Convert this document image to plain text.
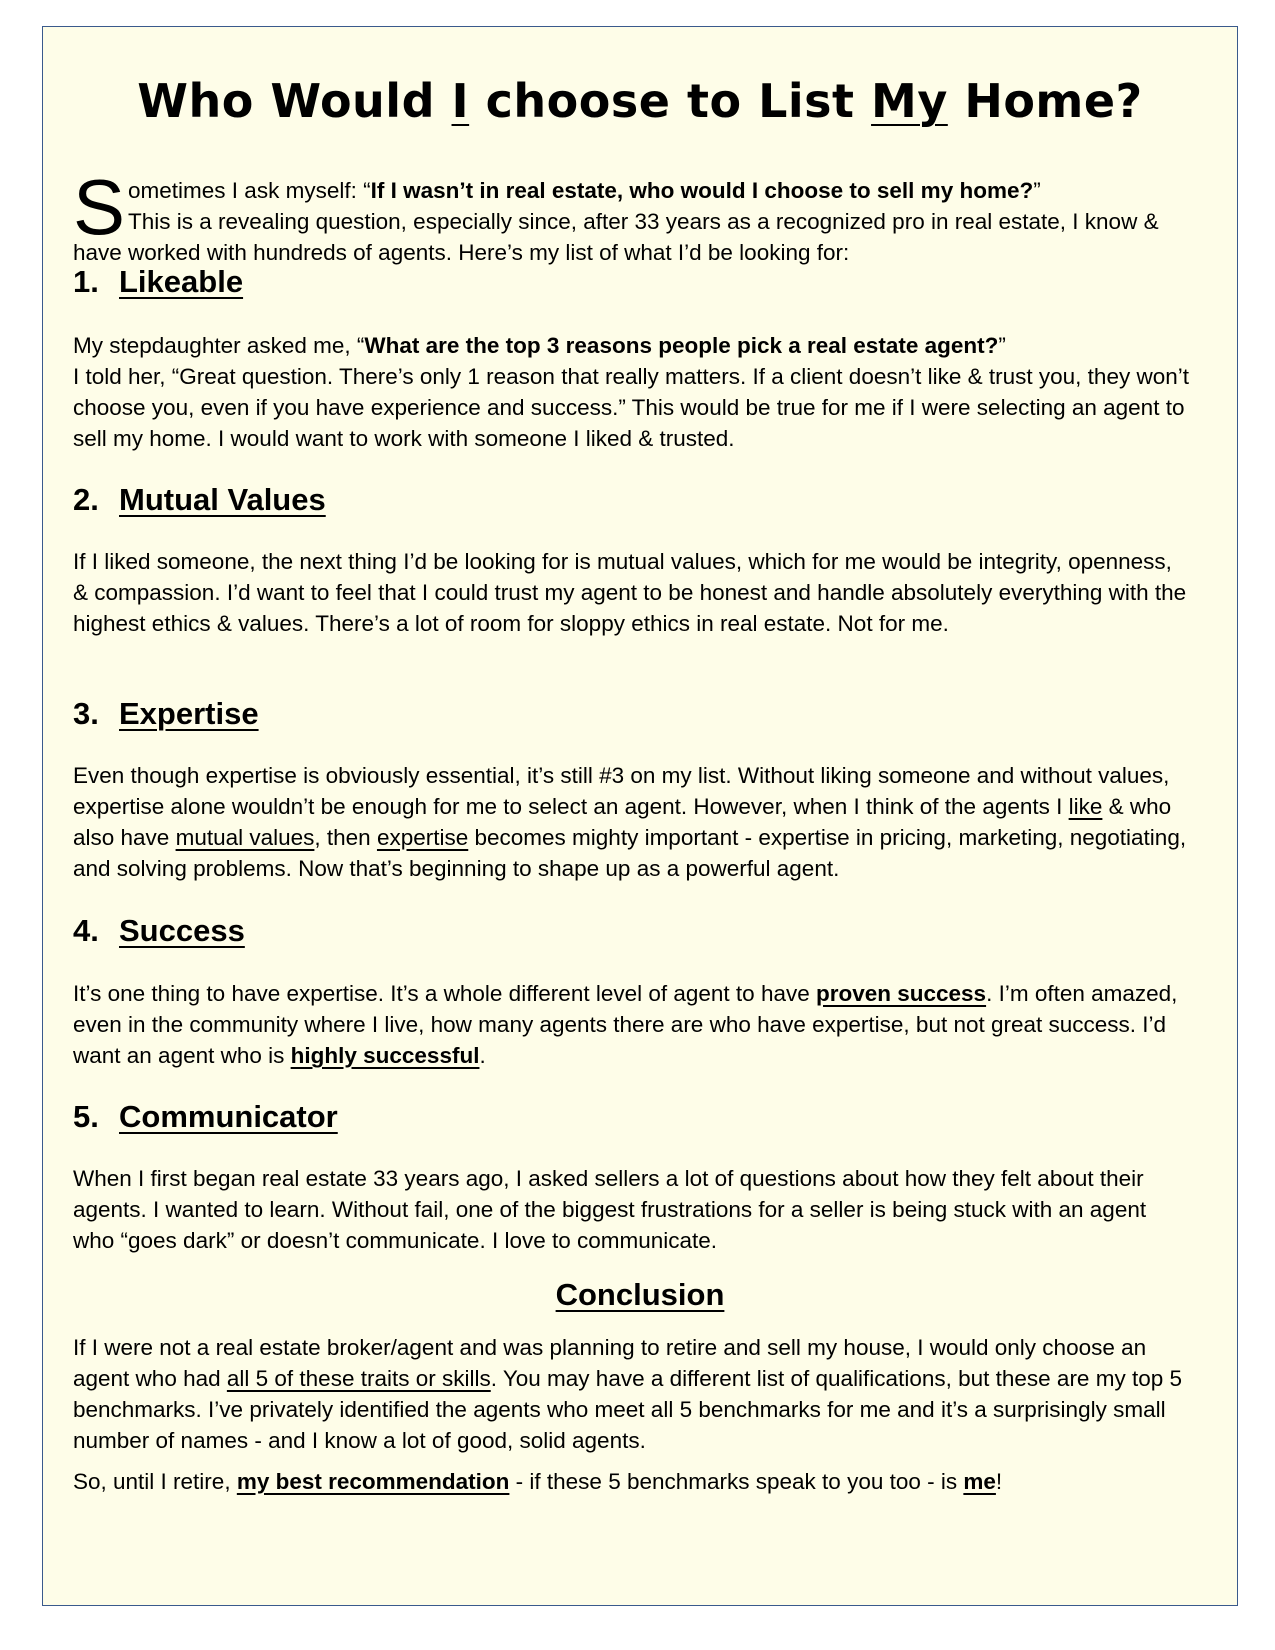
Who Would I choose to List My Home?

Sometimes I ask myself: “If I wasn’t in real estate, who would I choose to sell my home?”
This is a revealing question, especially since, after 33 years as a recognized pro in real estate, I know & have worked with hundreds of agents. Here’s my list of what I’d be looking for:

1. Likeable

My stepdaughter asked me, “What are the top 3 reasons people pick a real estate agent?”
I told her, “Great question. There’s only 1 reason that really matters. If a client doesn’t like & trust you, they won’t choose you, even if you have experience and success.” This would be true for me if I were selecting an agent to sell my home. I would want to work with someone I liked & trusted.

2. Mutual Values

If I liked someone, the next thing I’d be looking for is mutual values, which for me would be integrity, openness, & compassion. I’d want to feel that I could trust my agent to be honest and handle absolutely everything with the highest ethics & values. There’s a lot of room for sloppy ethics in real estate. Not for me.

3. Expertise

Even though expertise is obviously essential, it’s still #3 on my list. Without liking someone and without values, expertise alone wouldn’t be enough for me to select an agent. However, when I think of the agents I like & who also have mutual values, then expertise becomes mighty important - expertise in pricing, marketing, negotiating, and solving problems. Now that’s beginning to shape up as a powerful agent.

4. Success

It’s one thing to have expertise. It’s a whole different level of agent to have proven success. I’m often amazed, even in the community where I live, how many agents there are who have expertise, but not great success. I’d want an agent who is highly successful.

5. Communicator

When I first began real estate 33 years ago, I asked sellers a lot of questions about how they felt about their agents. I wanted to learn. Without fail, one of the biggest frustrations for a seller is being stuck with an agent who “goes dark” or doesn’t communicate. I love to communicate.

Conclusion

If I were not a real estate broker/agent and was planning to retire and sell my house, I would only choose an agent who had all 5 of these traits or skills. You may have a different list of qualifications, but these are my top 5 benchmarks. I’ve privately identified the agents who meet all 5 benchmarks for me and it’s a surprisingly small number of names - and I know a lot of good, solid agents.

So, until I retire, my best recommendation - if these 5 benchmarks speak to you too - is me!
